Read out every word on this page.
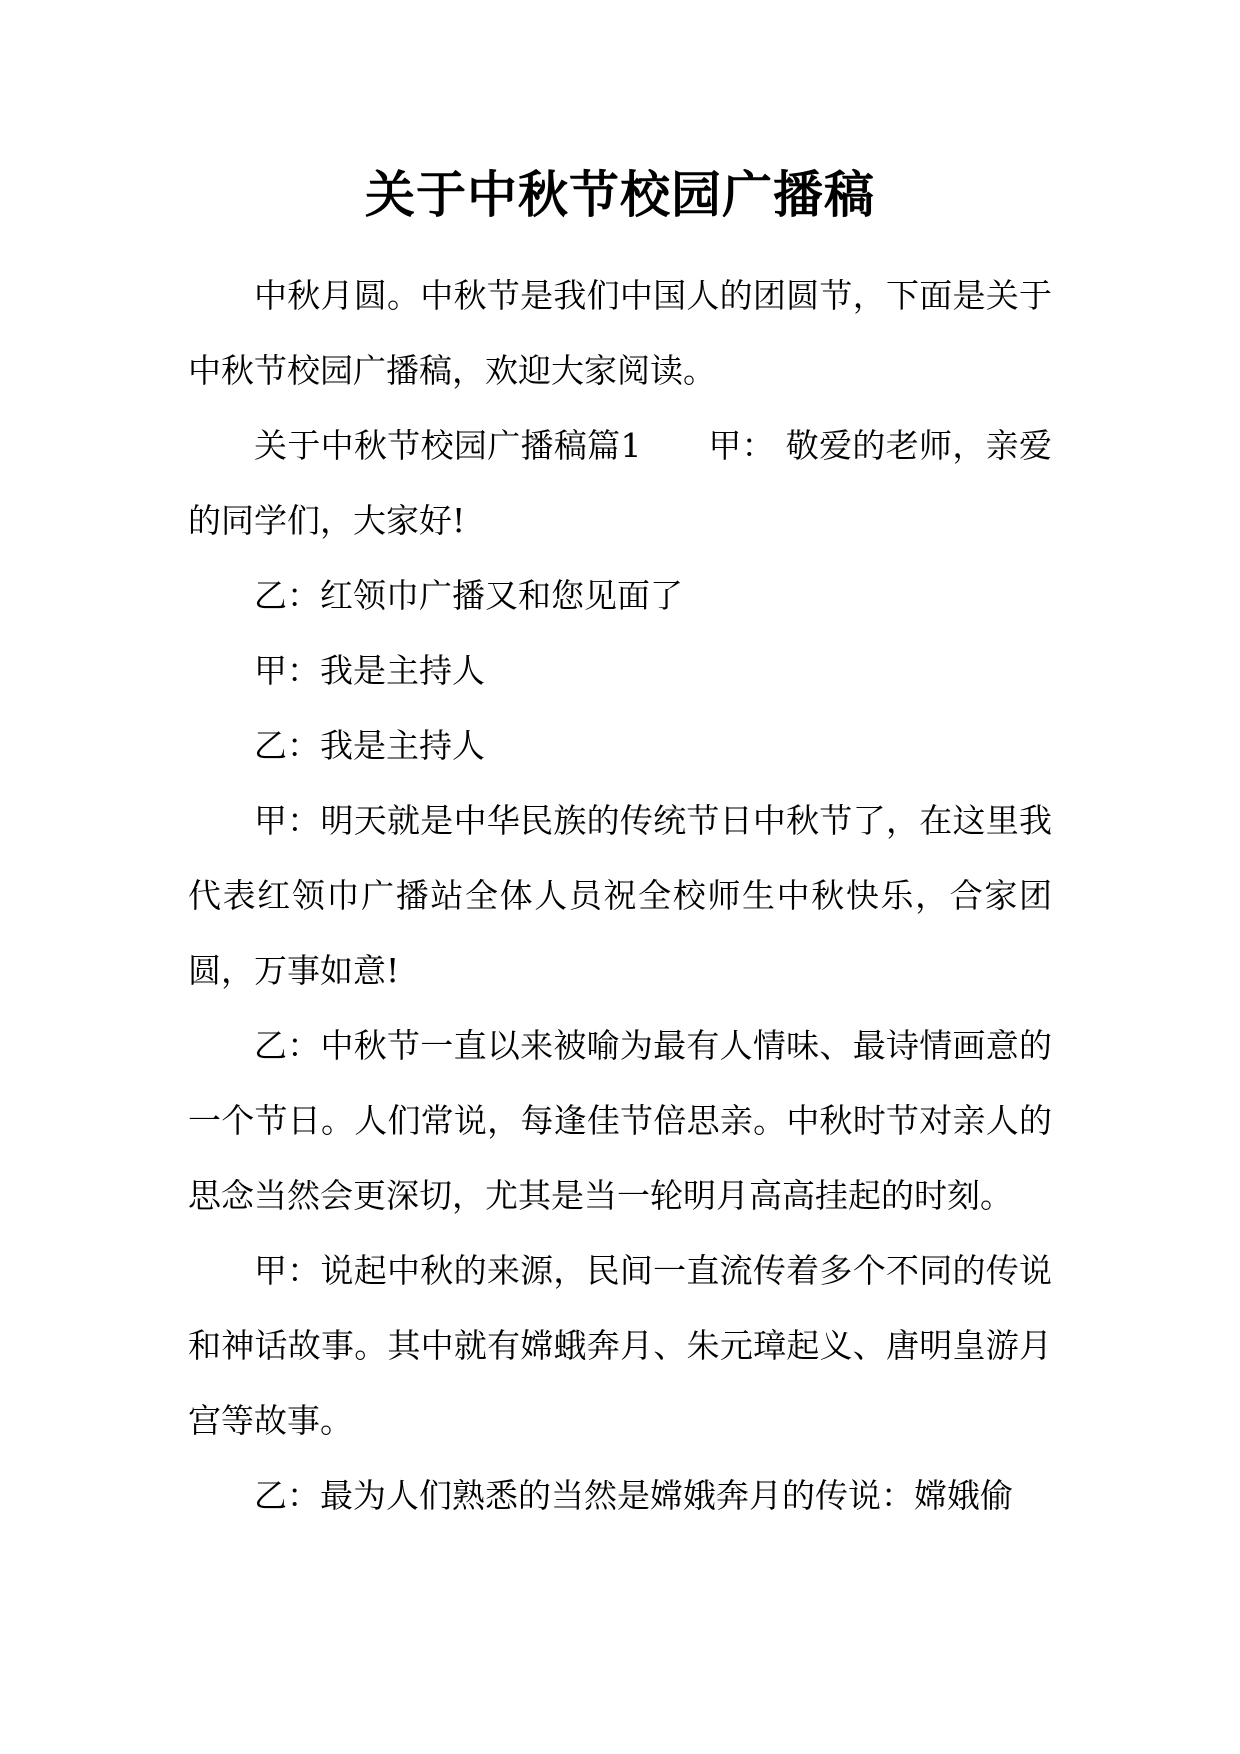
关于中秋节校园广播稿

中秋月圆。中秋节是我们中国人的团圆节，下面是关于中秋节校园广播稿，欢迎大家阅读。

关于中秋节校园广播稿篇1　　甲： 敬爱的老师，亲爱的同学们，大家好!

乙：红领巾广播又和您见面了

甲：我是主持人

乙：我是主持人

甲：明天就是中华民族的传统节日中秋节了，在这里我代表红领巾广播站全体人员祝全校师生中秋快乐，合家团圆，万事如意!

乙：中秋节一直以来被喻为最有人情味、最诗情画意的一个节日。人们常说，每逢佳节倍思亲。中秋时节对亲人的思念当然会更深切，尤其是当一轮明月高高挂起的时刻。

甲：说起中秋的来源，民间一直流传着多个不同的传说和神话故事。其中就有嫦蛾奔月、朱元璋起义、唐明皇游月宫等故事。

乙：最为人们熟悉的当然是嫦娥奔月的传说：嫦娥偷
